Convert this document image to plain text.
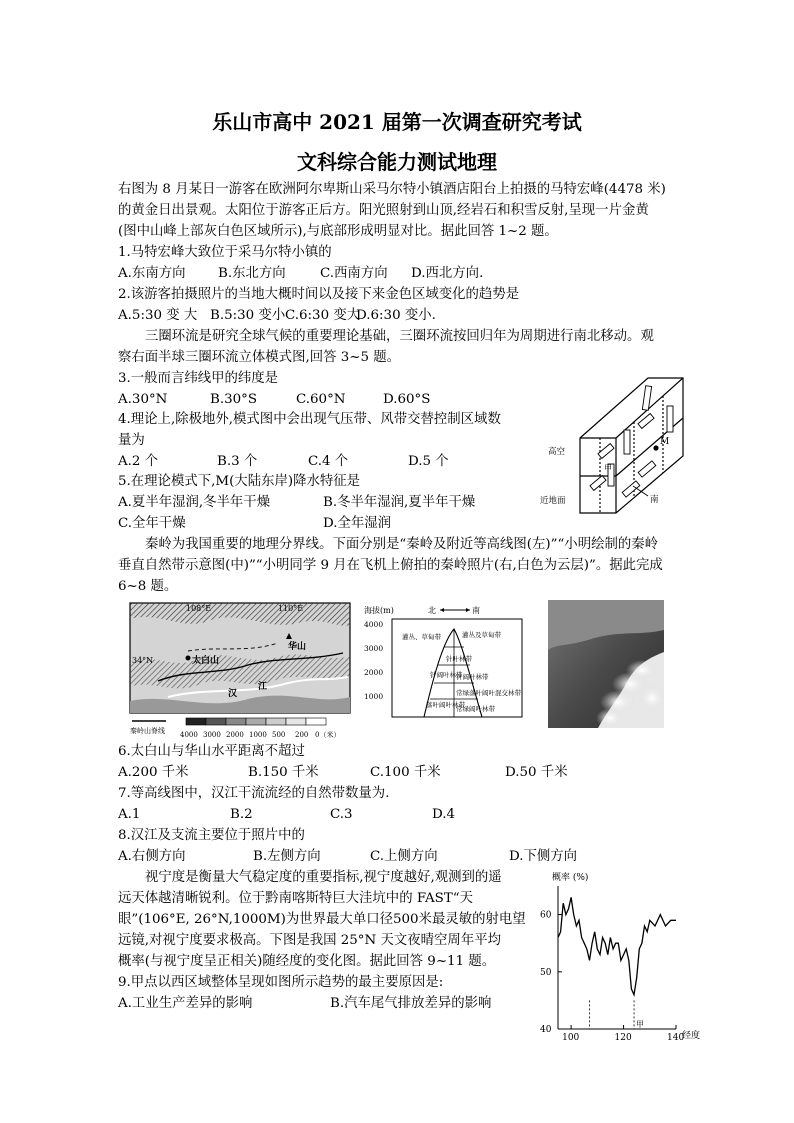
乐山市高中 2021 届第一次调查研究考试
文科综合能力测试地理
右图为 8 月某日一游客在欧洲阿尔卑斯山采马尔特小镇酒店阳台上拍摄的马特宏峰(4478 米)
的黄金日出景观。太阳位于游客正后方。阳光照射到山顶,经岩石和积雪反射,呈现一片金黄
(图中山峰上部灰白色区域所示),与底部形成明显对比。据此回答 1~2 题。
1.马特宏峰大致位于采马尔特小镇的
A.东南方向 B.东北方向	C.西南方向 D.西北方向.
2.该游客拍摄照片的当地大概时间以及接下来金色区域变化的趋势是
A.5:30 变 大 B.5:30 变小 C.6:30 变大
D.6:30 变小.
三圈环流是研究全球气候的重要理论基础，三圈环流按回归年为周期进行南北移动。观
察右面半球三圈环流立体模式图,回答 3~5 题。
3.一般而言纬线甲的纬度是
A.30°N	B.30°S	C.60°N	D.60°S
4.理论上,除极地外,模式图中会出现气压带、风带交替控制区域数
量为
A.2 个	B.3 个	C.4 个	D.5 个
5.在理论模式下,M(大陆东岸)降水特征是
A.夏半年湿润,冬半年干燥	B.冬半年湿润,夏半年干燥
C.全年干燥	D.全年湿润
M
甲
高空
近地面	南
秦岭为我国重要的地理分界线。下面分别是“秦岭及附近等高线图(左)”“小明绘制的秦岭
垂直自然带示意图(中)”“小明同学 9 月在飞机上俯拍的秦岭照片(右,白色为云层)”。据此完成
6~8 题。
108°E	110°E
34°N	太白山
华山
汉
江
秦岭山脊线 4000 3000 2000 1000 500 200 0（米）
海拔(m)	北	南
4000
3000
2000
1000
灌丛、草甸带	灌丛及草甸带
针叶林带
针阔叶林带
针阔叶林带
常绿落叶阔叶混交林带
落叶阔叶林带
常绿阔叶林带
6.太白山与华山水平距离不超过
A.200 千米	B.150 千米	C.100 千米	D.50 千米
7.等高线图中，汉江干流流经的自然带数量为.
A.1	B.2	C.3	D.4
8.汉江及支流主要位于照片中的
A.右侧方向	B.左侧方向	C.上侧方向	D.下侧方向
视宁度是衡量大气稳定度的重要指标,视宁度越好,观测到的遥
远天体越清晰锐利。位于黔南喀斯特巨大洼坑中的 FAST“天
眼”(106°E, 26°N,1000M)为世界最大单口径500米最灵敏的射电望
远镜,对视宁度要求极高。下图是我国 25°N 天文夜晴空周年平均
概率(与视宁度呈正相关)随经度的变化图。据此回答 9~11 题。
9.甲点以西区域整体呈现如图所示趋势的最主要原因是:
A.工业生产差异的影响	B.汽车尾气排放差异的影响
概率 (%)
40
50
60
100	120	140
甲
经度
